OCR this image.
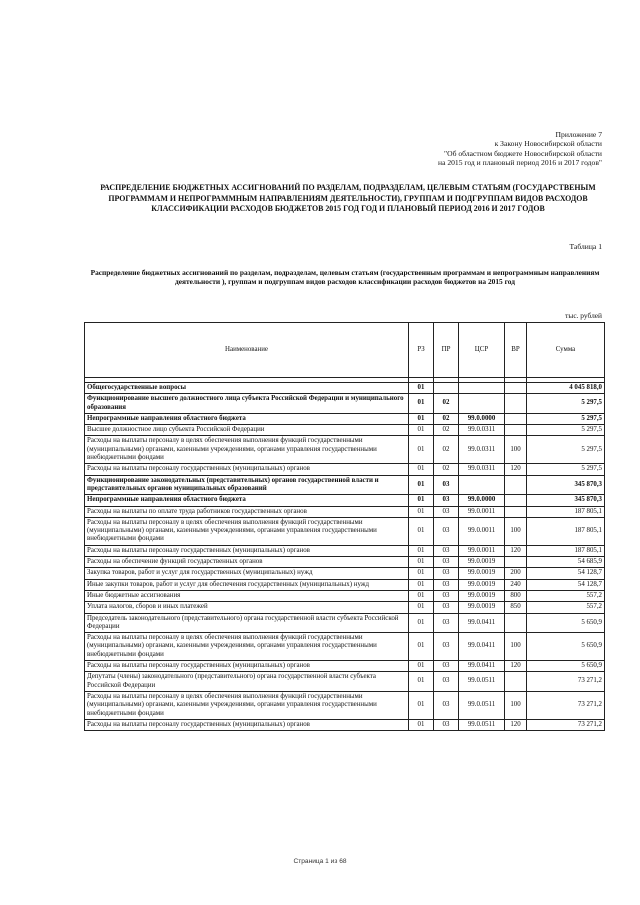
Приложение 7
к Закону Новосибирской области
"Об областном бюджете Новосибирской области
на 2015 год и плановый период 2016 и 2017 годов"
РАСПРЕДЕЛЕНИЕ БЮДЖЕТНЫХ АССИГНОВАНИЙ ПО РАЗДЕЛАМ, ПОДРАЗДЕЛАМ, ЦЕЛЕВЫМ СТАТЬЯМ (ГОСУДАРСТВЕНЫМ ПРОГРАММАМ И НЕПРОГРАММНЫМ НАПРАВЛЕНИЯМ ДЕЯТЕЛЬНОСТИ), ГРУППАМ И ПОДГРУППАМ ВИДОВ РАСХОДОВ КЛАССИФИКАЦИИ РАСХОДОВ БЮДЖЕТОВ 2015 ГОД ГОД И ПЛАНОВЫЙ ПЕРИОД 2016 И 2017 ГОДОВ
Таблица 1
Распределение бюджетных ассигнований по разделам, подразделам, целевым статьям (государственным программам и непрограммным направлениям деятельности ), группам и подгруппам видов расходов классификации расходов бюджетов на 2015 год
тыс. рублей
Наименование	РЗ	ПР	ЦСР	ВР	Сумма

Общегосударственные вопросы	01				4 045 818,0
Функционирование высшего должностного лица субъекта Российской Федерации и муниципального образования	01	02			5 297,5
Непрограммные направления областного бюджета	01	02	99.0.0000		5 297,5
Высшее должностное лицо субъекта Российской Федерации	01	02	99.0.0311		5 297,5
Расходы на выплаты персоналу в целях обеспечения выполнения функций государственными (муниципальными) органами, казенными учреждениями, органами управления государственными внебюджетными фондами	01	02	99.0.0311	100	5 297,5
Расходы на выплаты персоналу государственных (муниципальных) органов	01	02	99.0.0311	120	5 297,5
Функционирование законодательных (представительных) органов государственной власти и представительных органов муниципальных образований	01	03			345 870,3
Непрограммные направления областного бюджета	01	03	99.0.0000		345 870,3
Расходы на выплаты по оплате труда работников государственных органов	01	03	99.0.0011		187 805,1
Расходы на выплаты персоналу в целях обеспечения выполнения функций государственными (муниципальными) органами, казенными учреждениями, органами управления государственными внебюджетными фондами	01	03	99.0.0011	100	187 805,1
Расходы на выплаты персоналу государственных (муниципальных) органов	01	03	99.0.0011	120	187 805,1
Расходы на обеспечение функций государственных органов	01	03	99.0.0019		54 685,9
Закупка товаров, работ и услуг для государственных (муниципальных) нужд	01	03	99.0.0019	200	54 128,7
Иные закупки товаров, работ и услуг для обеспечения государственных (муниципальных) нужд	01	03	99.0.0019	240	54 128,7
Иные бюджетные ассигнования	01	03	99.0.0019	800	557,2
Уплата налогов, сборов и иных платежей	01	03	99.0.0019	850	557,2
Председатель законодательного (представительного) органа государственной власти субъекта Российской Федерации	01	03	99.0.0411		5 650,9
Расходы на выплаты персоналу в целях обеспечения выполнения функций государственными (муниципальными) органами, казенными учреждениями, органами управления государственными внебюджетными фондами	01	03	99.0.0411	100	5 650,9
Расходы на выплаты персоналу государственных (муниципальных) органов	01	03	99.0.0411	120	5 650,9
Депутаты (члены) законодательного (представительного) органа государственной власти субъекта Российской Федерации	01	03	99.0.0511		73 271,2
Расходы на выплаты персоналу в целях обеспечения выполнения функций государственными (муниципальными) органами, казенными учреждениями, органами управления государственными внебюджетными фондами	01	03	99.0.0511	100	73 271,2
Расходы на выплаты персоналу государственных (муниципальных) органов	01	03	99.0.0511	120	73 271,2
Страница 1 из 68
